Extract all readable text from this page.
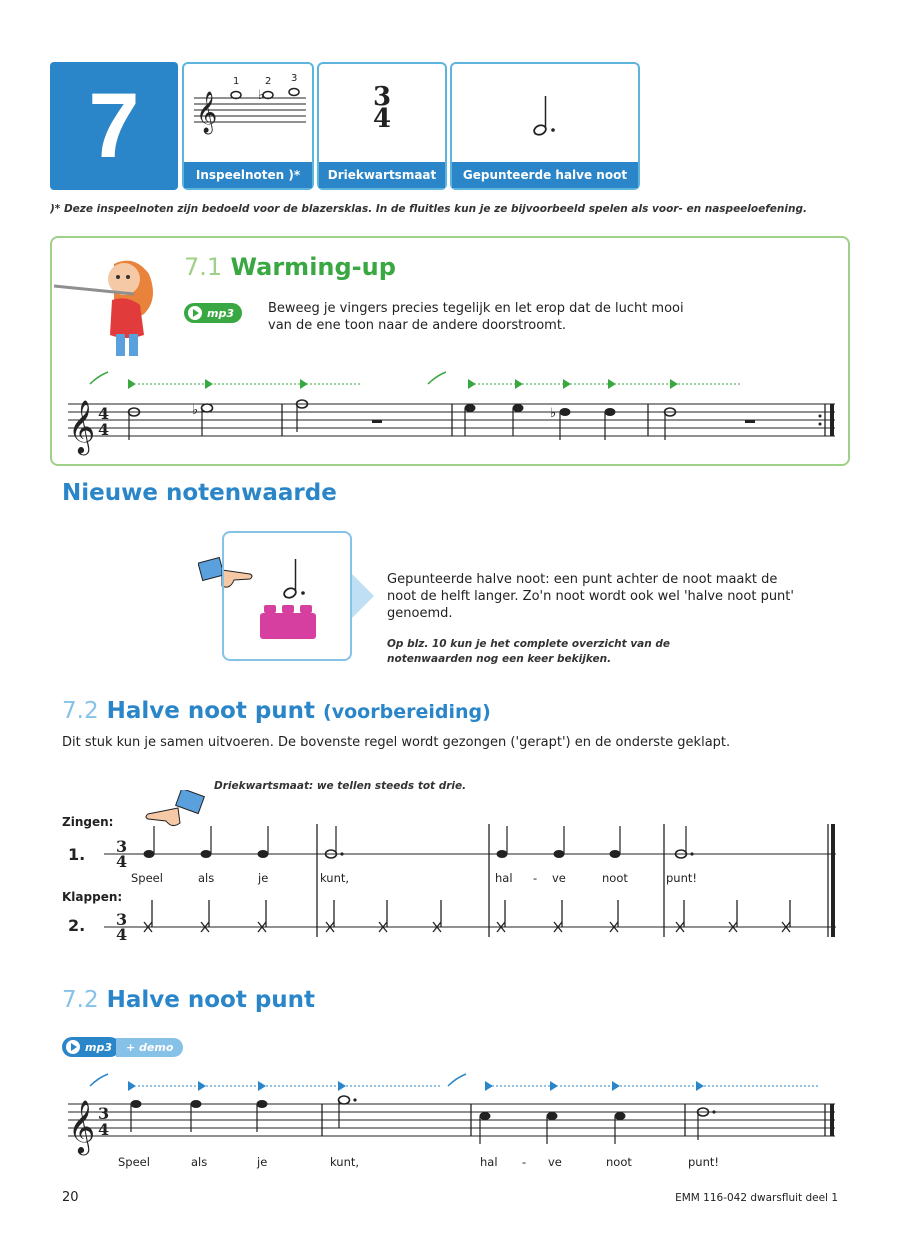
7	𝄞	♭
1	2 3
Inspeelnoten )*
3
4
Driekwartsmaat	Gepunteerde halve noot
)* Deze inspeelnoten zijn bedoeld voor de blazersklas. In de fluitles kun je ze bijvoorbeeld spelen als voor- en naspeeloefening.
7.1 Warming-up
mp3	Beweeg je vingers precies tegelijk en let erop dat de lucht mooi van de ene toon naar de andere doorstroomt.
𝄞 4
4
♭	♭
Nieuwe notenwaarde
Gepunteerde halve noot: een punt achter de noot maakt de noot de helft langer. Zo'n noot wordt ook wel 'halve noot punt' genoemd.
Op blz. 10 kun je het complete overzicht van de notenwaarden nog een keer bekijken.
7.2 Halve noot punt (voorbereiding)
Dit stuk kun je samen uitvoeren. De bovenste regel wordt gezongen ('gerapt') en de onderste geklapt.
Driekwartsmaat: we tellen steeds tot drie.
Zingen:
1.
Klappen:
2.
3
4
3
4
Speel	als	je	kunt,	hal - ve	noot	punt!
7.2 Halve noot punt
mp3	+ demo
𝄞 3
4
Speel	als	je	kunt,	hal - ve	noot	punt!
20	EMM 116-042 dwarsfluit deel 1
